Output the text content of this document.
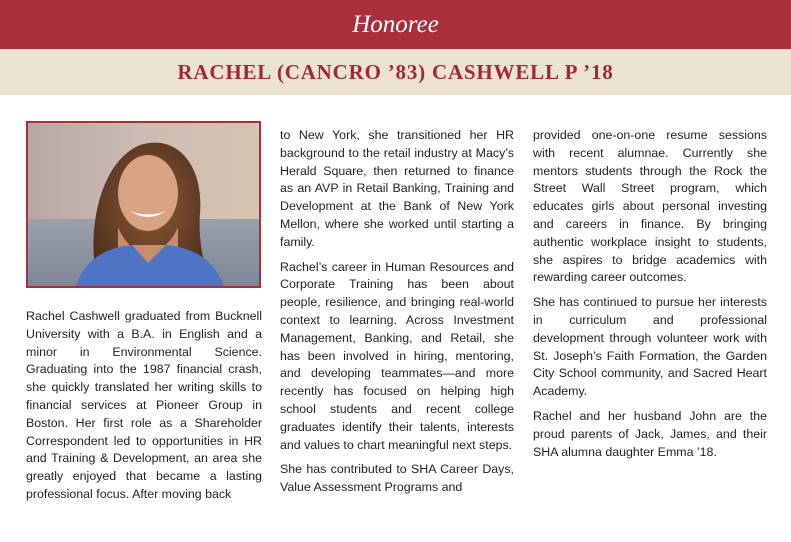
Honoree
RACHEL (CANCRO ’83) CASHWELL P ’18

Rachel Cashwell graduated from Bucknell University with a B.A. in English and a minor in Environmental Science. Graduating into the 1987 financial crash, she quickly translated her writing skills to financial services at Pioneer Group in Boston. Her first role as a Shareholder Correspondent led to opportunities in HR and Training & Development, an area she greatly enjoyed that became a lasting professional focus. After moving back

to New York, she transitioned her HR background to the retail industry at Macy’s Herald Square, then returned to finance as an AVP in Retail Banking, Training and Development at the Bank of New York Mellon, where she worked until starting a family.

Rachel’s career in Human Resources and Corporate Training has been about people, resilience, and bringing real-world context to learning. Across Investment Management, Banking, and Retail, she has been involved in hiring, mentoring, and developing teammates—and more recently has focused on helping high school students and recent college graduates identify their talents, interests and values to chart meaningful next steps.

She has contributed to SHA Career Days, Value Assessment Programs and

provided one-on-one resume sessions with recent alumnae. Currently she mentors students through the Rock the Street Wall Street program, which educates girls about personal investing and careers in finance. By bringing authentic workplace insight to students, she aspires to bridge academics with rewarding career outcomes.

She has continued to pursue her interests in curriculum and professional development through volunteer work with St. Joseph’s Faith Formation, the Garden City School community, and Sacred Heart Academy.

Rachel and her husband John are the proud parents of Jack, James, and their SHA alumna daughter Emma ’18.
